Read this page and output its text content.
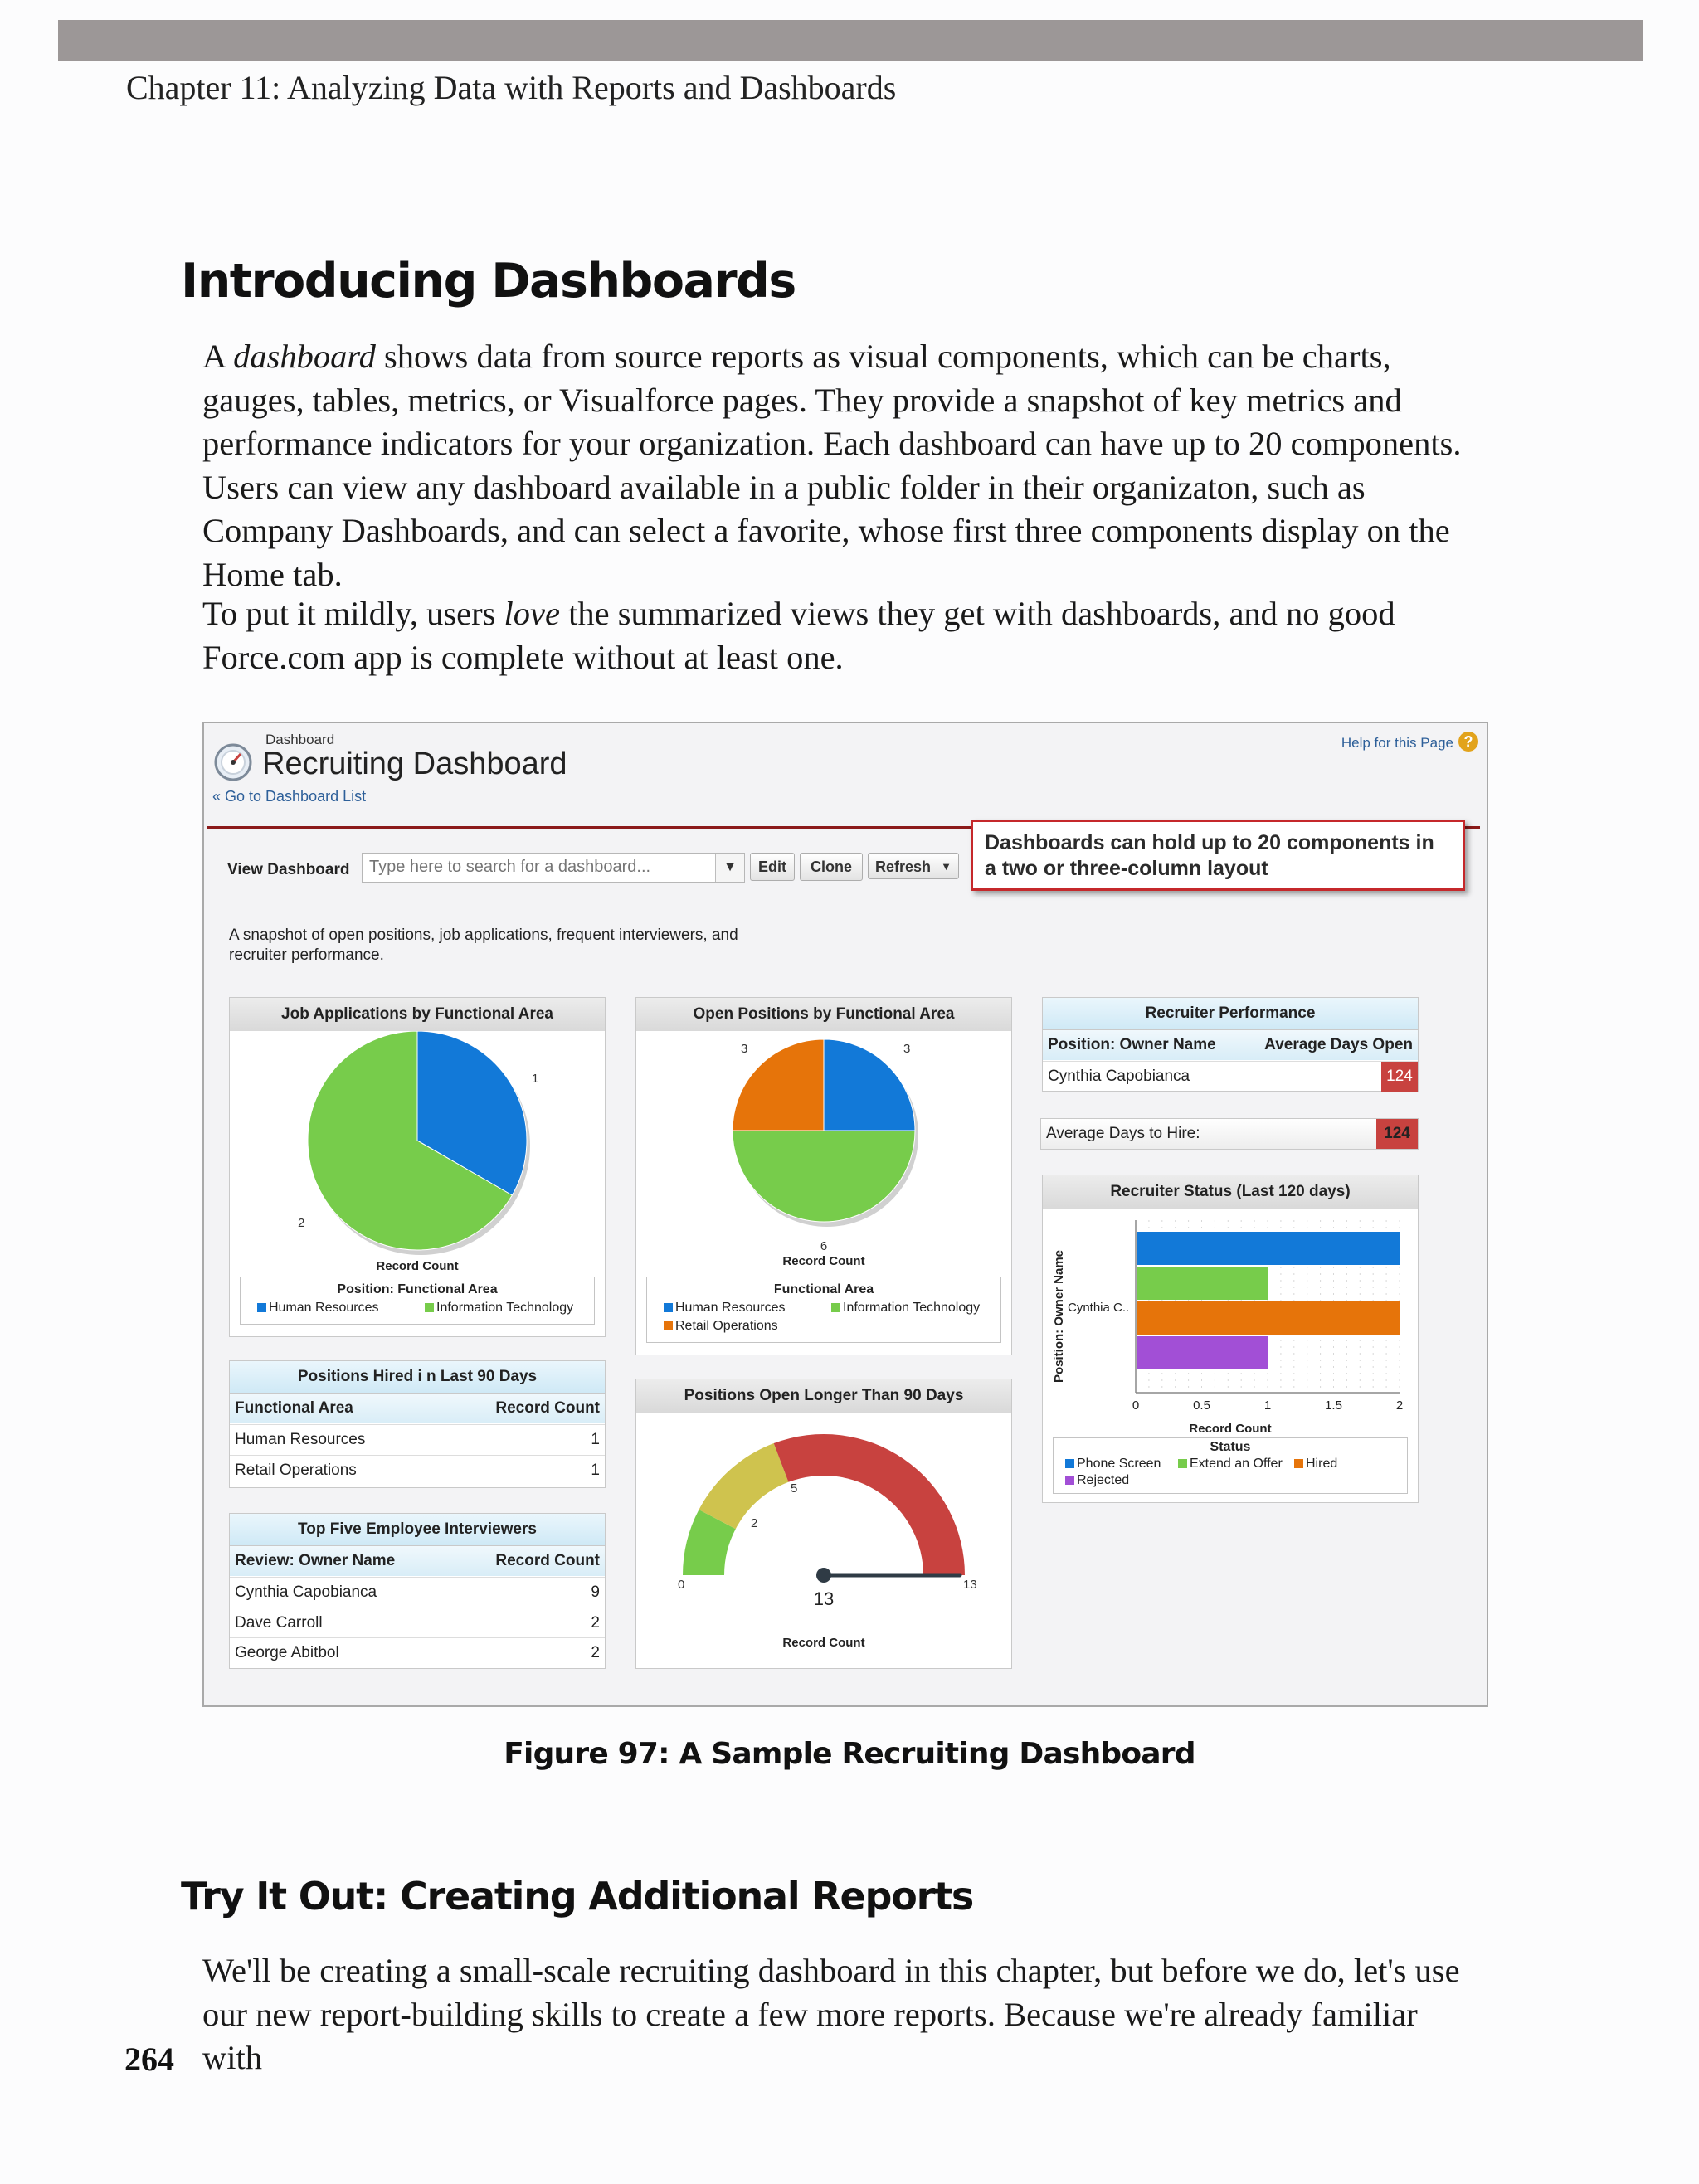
Chapter 11: Analyzing Data with Reports and Dashboards
Introducing Dashboards
A dashboard shows data from source reports as visual components, which can be charts, gauges, tables, metrics, or Visualforce pages. They provide a snapshot of key metrics and performance indicators for your organization. Each dashboard can have up to 20 components. Users can view any dashboard available in a public folder in their organizaton, such as Company Dashboards, and can select a favorite, whose first three components display on the Home tab.
To put it mildly, users love the summarized views they get with dashboards, and no good Force.com app is complete without at least one.
Dashboard
Recruiting Dashboard
« Go to Dashboard List
Help for this Page ?
View Dashboard
Type here to search for a dashboard...	▼	Edit	Clone	Refresh ▼
Dashboards can hold up to 20 components in a two or three-column layout
A snapshot of open positions, job applications, frequent interviewers, and recruiter performance.
Job Applications by Functional Area
1
2
Record Count
Position: Functional Area
Human Resources	Information Technology
Positions Hired i n Last 90 Days
Functional Area	Record Count
Human Resources	1
Retail Operations	1
Top Five Employee Interviewers
Review: Owner Name	Record Count
Cynthia Capobianca	9
Dave Carroll	2
George Abitbol	2
Open Positions by Functional Area
3	3
6
Record Count
Functional Area
Human Resources	Information Technology
Retail Operations
Positions Open Longer Than 90 Days
0	13
2
5
13
Record Count
Recruiter Performance
Position: Owner Name	Average Days Open
Cynthia Capobianca	124
Average Days to Hire:	124
Recruiter Status (Last 120 days)
0	0.5	1	1.5	2
Position: Owner Name Cynthia C..
Record Count
Status
Phone Screen	Extend an Offer	Hired
Rejected
Figure 97: A Sample Recruiting Dashboard
Try It Out: Creating Additional Reports
We'll be creating a small-scale recruiting dashboard in this chapter, but before we do, let's use our new report-building skills to create a few more reports. Because we're already familiar with
264
